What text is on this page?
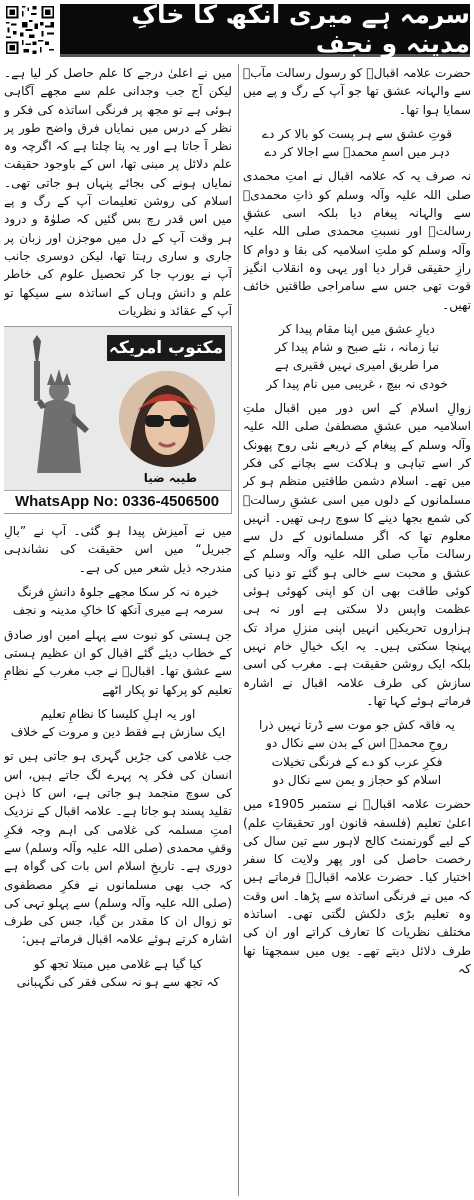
سرمہ ہے میری آنکھ کا خاکِ مدینہ و نجف

حضرت علامہ اقبالؒ کو رسول رسالت مآبؐ سے والہانہ عشق تھا جو آپ کے رگ و پے میں سمایا ہوا تھا۔

قوتِ عشق سے ہر پست کو بالا کر دے
دہر میں اسمِ محمدؐ سے اجالا کر دے

نہ صرف یہ کہ علامہ اقبال نے امتِ محمدی صلی اللہ علیہ وآلہ وسلم کو ذاتِ محمدیؐ سے والہانہ پیغام دیا بلکہ اسی عشقِ رسالتؐ اور نسبتِ محمدی صلی اللہ علیہ وآلہ وسلم کو ملتِ اسلامیہ کی بقا و دوام کا رازِ حقیقی قرار دیا اور یہی وہ انقلاب انگیز قوت تھی جس سے سامراجی طاقتیں خائف تھیں۔

دیارِ عشق میں اپنا مقام پیدا کر
نیا زمانہ ، نئے صبح و شام پیدا کر
مرا طریق امیری نہیں فقیری ہے
خودی نہ بیچ ، غریبی میں نام پیدا کر

زوالِ اسلام کے اس دور میں اقبال ملتِ اسلامیہ میں عشقِ مصطفیٰ صلی اللہ علیہ وآلہ وسلم کے پیغام کے ذریعے نئی روح پھونک کر اسے تباہی و ہلاکت سے بچانے کی فکر میں تھے۔ اسلام دشمن طاقتیں منظم ہو کر مسلمانوں کے دلوں میں اسی عشقِ رسالتؐ کی شمع بجھا دینے کا سوچ رہی تھیں۔ انہیں معلوم تھا کہ اگر مسلمانوں کے دل سے رسالت مآب صلی اللہ علیہ وآلہ وسلم کے عشق و محبت سے خالی ہو گئے تو دنیا کی کوئی طاقت بھی ان کو اپنی کھوئی ہوئی عظمت واپس دلا سکتی ہے اور نہ ہی ہزاروں تحریکیں انہیں اپنی منزلِ مراد تک پہنچا سکتی ہیں۔ یہ ایک خیالِ خام نہیں بلکہ ایک روشن حقیقت ہے۔ مغرب کی اسی سازش کی طرف علامہ اقبال نے اشارہ فرماتے ہوئے کہا تھا۔

یہ فاقہ کش جو موت سے ڈرتا نہیں ذرا
روحِ محمدؐ اس کے بدن سے نکال دو
فکرِ عرب کو دے کے فرنگی تخیلات
اسلام کو حجاز و یمن سے نکال دو

حضرت علامہ اقبالؒ نے ستمبر 1905ء میں اعلیٰ تعلیم (فلسفہ قانون اور تحقیقاتِ علم) کے لیے گورنمنٹ کالج لاہور سے تین سال کی رخصت حاصل کی اور پھر ولایت کا سفر اختیار کیا۔ حضرت علامہ اقبالؒ فرماتے ہیں کہ میں نے فرنگی اساتذہ سے پڑھا۔ اس وقت وہ تعلیم بڑی دلکش لگتی تھی۔ اساتذہ مختلف نظریات کا تعارف کراتے اور ان کی طرف دلائل دیتے تھے۔ یوں میں سمجھتا تھا کہ

میں نے اعلیٰ درجے کا علم حاصل کر لیا ہے۔ لیکن آج جب وجدانی علم سے مجھے آگاہی ہوئی ہے تو مجھ پر فرنگی اساتذہ کی فکر و نظر کے درس میں نمایاں فرق واضح طور پر نظر آ جاتا ہے اور یہ پتا چلتا ہے کہ اگرچہ وہ علم دلائل پر مبنی تھا، اس کے باوجود حقیقت نمایاں ہونے کی بجائے پنہاں ہو جاتی تھی۔ اسلام کی روشن تعلیمات آپ کے رگ و پے میں اس قدر رچ بس گئیں کہ صلوٰۃ و درود ہر وقت آپ کے دل میں موجزن اور زبان پر جاری و ساری رہتا تھا، لیکن دوسری جانب آپ نے یورپ جا کر تحصیل علوم کی خاطر علم و دانش وہاں کے اساتذہ سے سیکھا تو آپ کے عقائد و نظریات

مکتوب امریکہ
طیبہ ضیا
WhatsApp No: 0336-4506500

میں نے آمیزش پیدا ہو گئی۔ آپ نے ”بالِ جبریل“ میں اس حقیقت کی نشاندہی مندرجہ ذیل شعر میں کی ہے۔

خیرہ نہ کر سکا مجھے جلوۂ دانشِ فرنگ
سرمہ ہے میری آنکھ کا خاکِ مدینہ و نجف

جن ہستی کو نبوت سے پہلے امین اور صادق کے خطاب دیئے گئے اقبال کو ان عظیم ہستی سے عشق تھا۔ اقبالؒ نے جب مغرب کے نظامِ تعلیم کو پرکھا تو پکار اٹھے

اور یہ اہلِ کلیسا کا نظامِ تعلیم
ایک سازش ہے فقط دین و مروت کے خلاف

جب غلامی کی جڑیں گہری ہو جاتی ہیں تو انسان کی فکر پہ پہرے لگ جاتے ہیں، اس کی سوچ منجمد ہو جاتی ہے، اس کا ذہن تقلید پسند ہو جاتا ہے۔ علامہ اقبال کے نزدیک امتِ مسلمہ کی غلامی کی اہم وجہ فکرِ وقفِ محمدی (صلی اللہ علیہ وآلہ وسلم) سے دوری ہے۔ تاریخِ اسلام اس بات کی گواہ ہے کہ جب بھی مسلمانوں نے فکرِ مصطفوی (صلی اللہ علیہ وآلہ وسلم) سے پہلو تہی کی تو زوال ان کا مقدر بن گیا، جس کی طرف اشارہ کرتے ہوئے علامہ اقبال فرماتے ہیں:

کیا گیا ہے غلامی میں مبتلا تجھ کو
کہ تجھ سے ہو نہ سکی فقر کی نگہبانی
